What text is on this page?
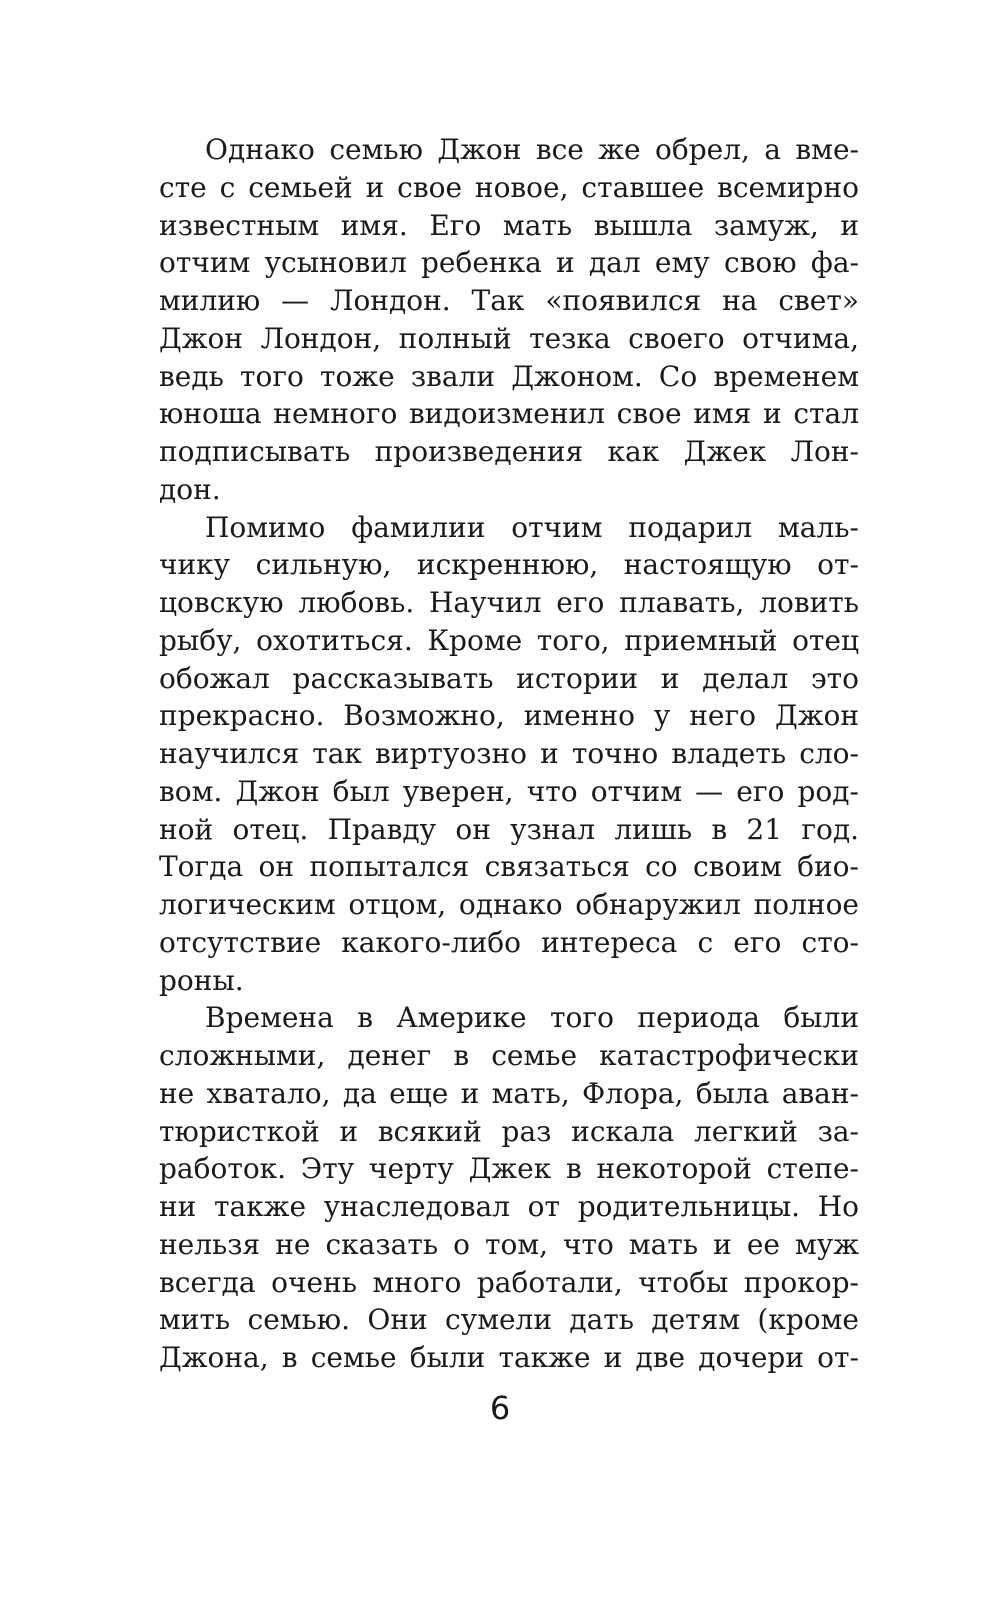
Однако семью Джон все же обрел, а вме-
сте с семьей и свое новое, ставшее всемирно
известным имя. Его мать вышла замуж, и
отчим усыновил ребенка и дал ему свою фа-
милию — Лондон. Так «появился на свет»
Джон Лондон, полный тезка своего отчима,
ведь того тоже звали Джоном. Со временем
юноша немного видоизменил свое имя и стал
подписывать произведения как Джек Лон-
дон.
Помимо фамилии отчим подарил маль-
чику сильную, искреннюю, настоящую от-
цовскую любовь. Научил его плавать, ловить
рыбу, охотиться. Кроме того, приемный отец
обожал рассказывать истории и делал это
прекрасно. Возможно, именно у него Джон
научился так виртуозно и точно владеть сло-
вом. Джон был уверен, что отчим — его род-
ной отец. Правду он узнал лишь в 21 год.
Тогда он попытался связаться со своим био-
логическим отцом, однако обнаружил полное
отсутствие какого-либо интереса с его сто-
роны.
Времена в Америке того периода были
сложными, денег в семье катастрофически
не хватало, да еще и мать, Флора, была аван-
тюристкой и всякий раз искала легкий за-
работок. Эту черту Джек в некоторой степе-
ни также унаследовал от родительницы. Но
нельзя не сказать о том, что мать и ее муж
всегда очень много работали, чтобы прокор-
мить семью. Они сумели дать детям (кроме
Джона, в семье были также и две дочери от-
6
